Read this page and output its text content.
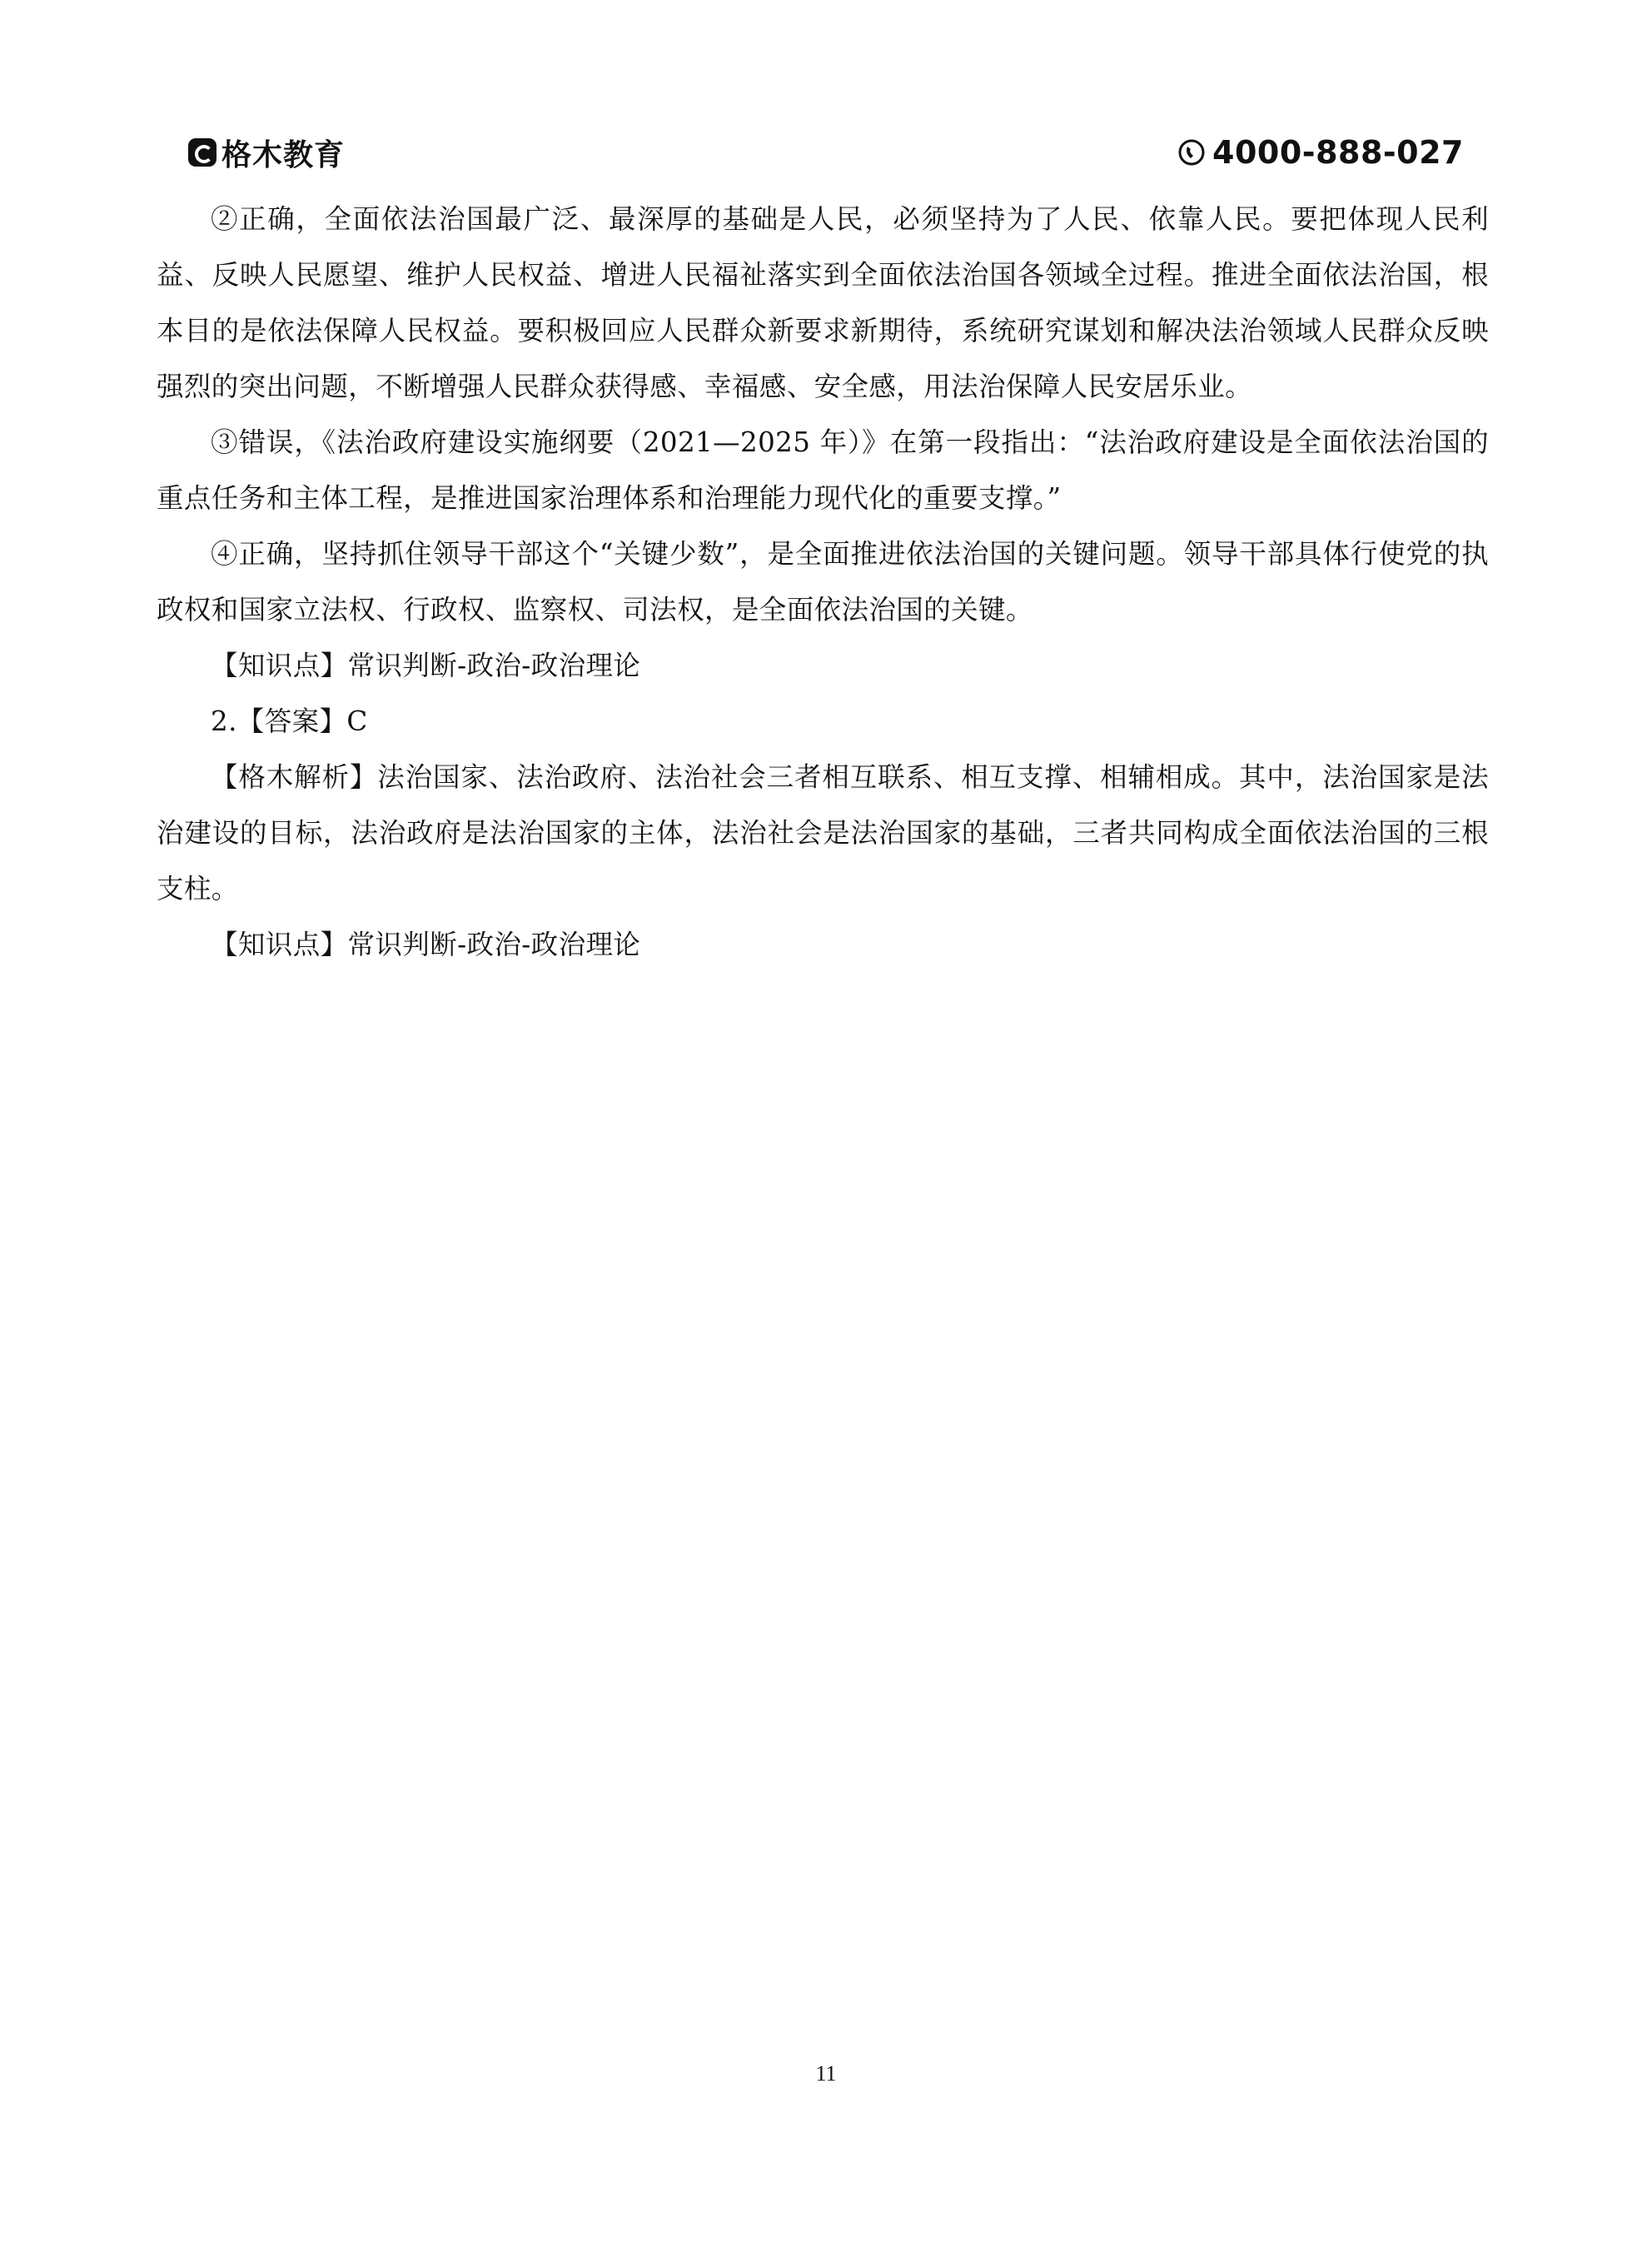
格木教育	4000-888-027

②正确，全面依法治国最广泛、最深厚的基础是人民，必须坚持为了人民、依靠人民。要把体现人民利益、反映人民愿望、维护人民权益、增进人民福祉落实到全面依法治国各领域全过程。推进全面依法治国，根本目的是依法保障人民权益。要积极回应人民群众新要求新期待，系统研究谋划和解决法治领域人民群众反映强烈的突出问题，不断增强人民群众获得感、幸福感、安全感，用法治保障人民安居乐业。

③错误，《法治政府建设实施纲要（2021—2025 年）》在第一段指出：“法治政府建设是全面依法治国的重点任务和主体工程，是推进国家治理体系和治理能力现代化的重要支撑。”

④正确，坚持抓住领导干部这个“关键少数”，是全面推进依法治国的关键问题。领导干部具体行使党的执政权和国家立法权、行政权、监察权、司法权，是全面依法治国的关键。

【知识点】常识判断-政治-政治理论

2.【答案】C

【格木解析】法治国家、法治政府、法治社会三者相互联系、相互支撑、相辅相成。其中，法治国家是法治建设的目标，法治政府是法治国家的主体，法治社会是法治国家的基础，三者共同构成全面依法治国的三根支柱。

【知识点】常识判断-政治-政治理论

11
